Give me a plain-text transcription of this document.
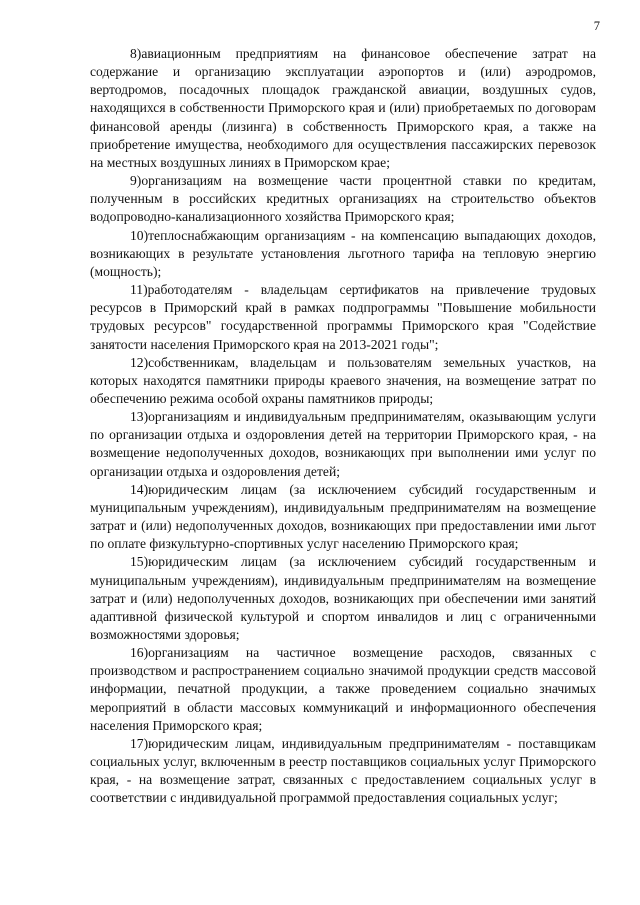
7

8)авиационным предприятиям на финансовое обеспечение затрат на содержание и организацию эксплуатации аэропортов и (или) аэродромов, вертодромов, посадочных площадок гражданской авиации, воздушных судов, находящихся в собственности Приморского края и (или) приобретаемых по договорам финансовой аренды (лизинга) в собственность Приморского края, а также на приобретение имущества, необходимого для осуществления пассажирских перевозок на местных воздушных линиях в Приморском крае;

9)организациям на возмещение части процентной ставки по кредитам, полученным в российских кредитных организациях на строительство объектов водопроводно-канализационного хозяйства Приморского края;

10)теплоснабжающим организациям - на компенсацию выпадающих доходов, возникающих в результате установления льготного тарифа на тепловую энергию (мощность);

11)работодателям - владельцам сертификатов на привлечение трудовых ресурсов в Приморский край в рамках подпрограммы "Повышение мобильности трудовых ресурсов" государственной программы Приморского края "Содействие занятости населения Приморского края на 2013-2021 годы";

12)собственникам, владельцам и пользователям земельных участков, на которых находятся памятники природы краевого значения, на возмещение затрат по обеспечению режима особой охраны памятников природы;

13)организациям и индивидуальным предпринимателям, оказывающим услуги по организации отдыха и оздоровления детей на территории Приморского края, - на возмещение недополученных доходов, возникающих при выполнении ими услуг по организации отдыха и оздоровления детей;

14)юридическим лицам (за исключением субсидий государственным и муниципальным учреждениям), индивидуальным предпринимателям на возмещение затрат и (или) недополученных доходов, возникающих при предоставлении ими льгот по оплате физкультурно-спортивных услуг населению Приморского края;

15)юридическим лицам (за исключением субсидий государственным и муниципальным учреждениям), индивидуальным предпринимателям на возмещение затрат и (или) недополученных доходов, возникающих при обеспечении ими занятий адаптивной физической культурой и спортом инвалидов и лиц с ограниченными возможностями здоровья;

16)организациям на частичное возмещение расходов, связанных с производством и распространением социально значимой продукции средств массовой информации, печатной продукции, а также проведением социально значимых мероприятий в области массовых коммуникаций и информационного обеспечения населения Приморского края;

17)юридическим лицам, индивидуальным предпринимателям - поставщикам социальных услуг, включенным в реестр поставщиков социальных услуг Приморского края, - на возмещение затрат, связанных с предоставлением социальных услуг в соответствии с индивидуальной программой предоставления социальных услуг;
